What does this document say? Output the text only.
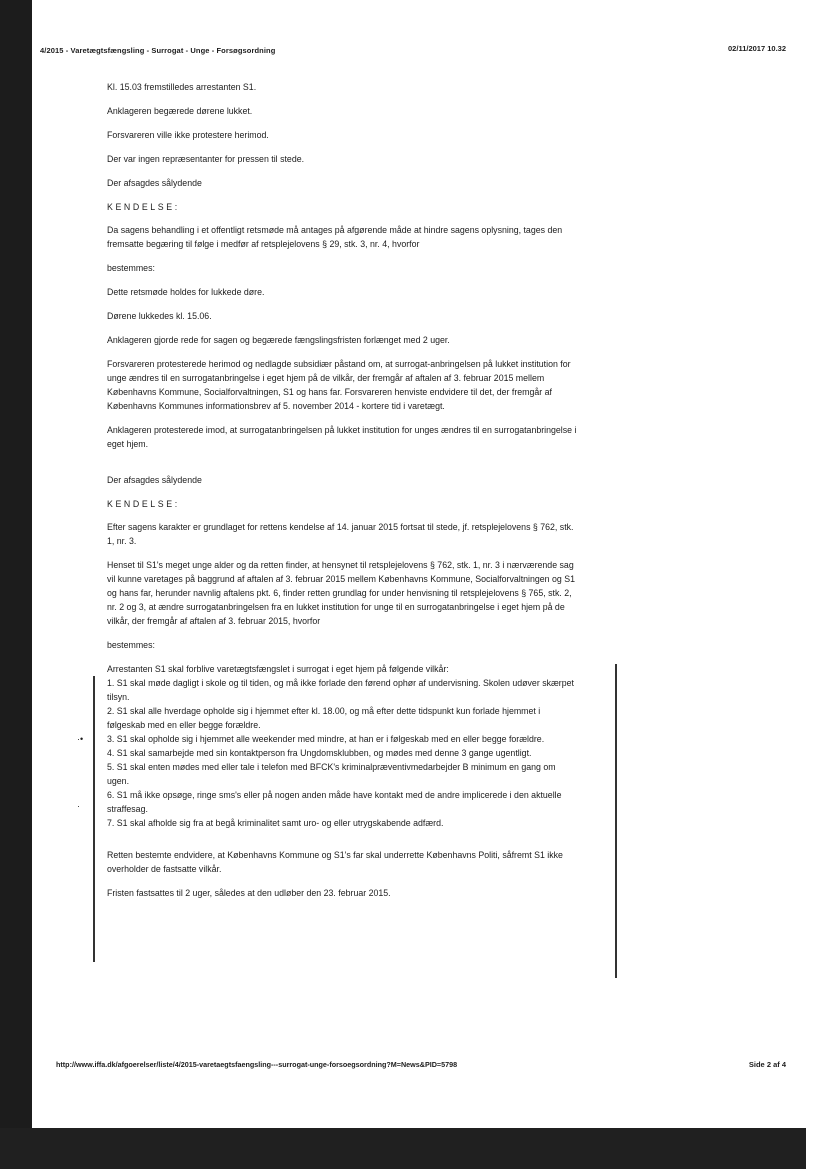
4/2015 - Varetægtsfængsling - Surrogat - Unge - Forsøgsordning	02/11/2017 10.32

Kl. 15.03 fremstilledes arrestanten S1.

Anklageren begærede dørene lukket.

Forsvareren ville ikke protestere herimod.

Der var ingen repræsentanter for pressen til stede.

Der afsagdes sålydende

KENDELSE:

Da sagens behandling i et offentligt retsmøde må antages på afgørende måde at hindre sagens oplysning, tages den fremsatte begæring til følge i medfør af retsplejelovens § 29, stk. 3, nr. 4, hvorfor

bestemmes:

Dette retsmøde holdes for lukkede døre.

Dørene lukkedes kl. 15.06.

Anklageren gjorde rede for sagen og begærede fængslingsfristen forlænget med 2 uger.

Forsvareren protesterede herimod og nedlagde subsidiær påstand om, at surrogat-anbringelsen på lukket institution for unge ændres til en surrogatanbringelse i eget hjem på de vilkår, der fremgår af aftalen af 3. februar 2015 mellem Københavns Kommune, Socialforvaltningen, S1 og hans far. Forsvareren henviste endvidere til det, der fremgår af Københavns Kommunes informationsbrev af 5. november 2014 - kortere tid i varetægt.

Anklageren protesterede imod, at surrogatanbringelsen på lukket institution for unges ændres til en surrogatanbringelse i eget hjem.

Der afsagdes sålydende

KENDELSE:

Efter sagens karakter er grundlaget for rettens kendelse af 14. januar 2015 fortsat til stede, jf. retsplejelovens § 762, stk. 1, nr. 3.

Henset til S1's meget unge alder og da retten finder, at hensynet til retsplejelovens § 762, stk. 1, nr. 3 i nærværende sag vil kunne varetages på baggrund af aftalen af 3. februar 2015 mellem Københavns Kommune, Socialforvaltningen og S1 og hans far, herunder navnlig aftalens pkt. 6, finder retten grundlag for under henvisning til retsplejelovens § 765, stk. 2, nr. 2 og 3, at ændre surrogatanbringelsen fra en lukket institution for unge til en surrogatanbringelse i eget hjem på de vilkår, der fremgår af aftalen af 3. februar 2015, hvorfor

bestemmes:

·•
·

Arrestanten S1 skal forblive varetægtsfængslet i surrogat i eget hjem på følgende vilkår:

1. S1 skal møde dagligt i skole og til tiden, og må ikke forlade den førend ophør af undervisning. Skolen udøver skærpet tilsyn.

2. S1 skal alle hverdage opholde sig i hjemmet efter kl. 18.00, og må efter dette tidspunkt kun forlade hjemmet i følgeskab med en eller begge forældre.

3. S1 skal opholde sig i hjemmet alle weekender med mindre, at han er i følgeskab med en eller begge forældre.

4. S1 skal samarbejde med sin kontaktperson fra Ungdomsklubben, og mødes med denne 3 gange ugentligt.

5. S1 skal enten mødes med eller tale i telefon med BFCK's kriminalpræventivmedarbejder B minimum en gang om ugen.

6. S1 må ikke opsøge, ringe sms's eller på nogen anden måde have kontakt med de andre implicerede i den aktuelle straffesag.

7. S1 skal afholde sig fra at begå kriminalitet samt uro- og eller utrygskabende adfærd.

Retten bestemte endvidere, at Københavns Kommune og S1's far skal underrette Københavns Politi, såfremt S1 ikke overholder de fastsatte vilkår.

Fristen fastsattes til 2 uger, således at den udløber den 23. februar 2015.

http://www.iffa.dk/afgoerelser/liste/4/2015-varetaegtsfaengsling---surrogat-unge-forsoegsordning?M=News&PID=5798	Side 2 af 4
